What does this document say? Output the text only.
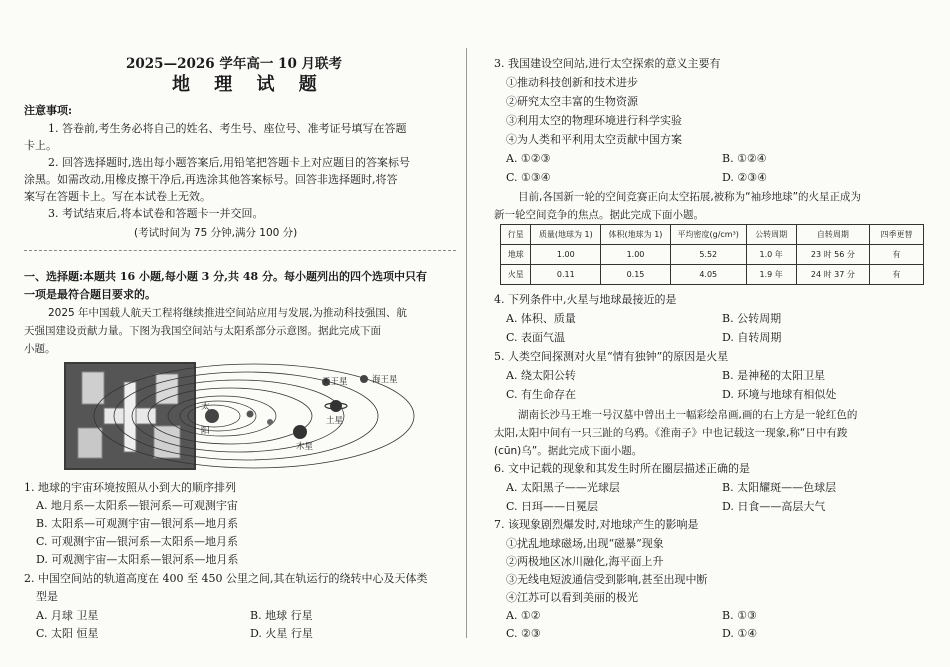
2025—2026 学年高一 10 月联考
地 理 试 题
注意事项:
1. 答卷前,考生务必将自己的姓名、考生号、座位号、准考证号填写在答题
卡上。
2. 回答选择题时,选出每小题答案后,用铅笔把答题卡上对应题目的答案标号
涂黑。如需改动,用橡皮擦干净后,再选涂其他答案标号。回答非选择题时,将答
案写在答题卡上。写在本试卷上无效。
3. 考试结束后,将本试卷和答题卡一并交回。
(考试时间为 75 分钟,满分 100 分)
一、选择题:本题共 16 小题,每小题 3 分,共 48 分。每小题列出的四个选项中只有
一项是最符合题目要求的。
2025 年中国载人航天工程将继续推进空间站应用与发展,为推动科技强国、航
天强国建设贡献力量。下图为我国空间站与太阳系部分示意图。据此完成下面
小题。
天王星	海王星
土星
木星
太
阳
1. 地球的宇宙环境按照从小到大的顺序排列
A. 地月系—太阳系—银河系—可观测宇宙
B. 太阳系—可观测宇宙—银河系—地月系
C. 可观测宇宙—银河系—太阳系—地月系
D. 可观测宇宙—太阳系—银河系—地月系
2. 中国空间站的轨道高度在 400 至 450 公里之间,其在轨运行的绕转中心及天体类
型是
A. 月球 卫星	B. 地球 行星
C. 太阳 恒星	D. 火星 行星
3. 我国建设空间站,进行太空探索的意义主要有
①推动科技创新和技术进步
②研究太空丰富的生物资源
③利用太空的物理环境进行科学实验
④为人类和平利用太空贡献中国方案
A. ①②③	B. ①②④
C. ①③④	D. ②③④
目前,各国新一轮的空间竞赛正向太空拓展,被称为“袖珍地球”的火星正成为
新一轮空间竞争的焦点。据此完成下面小题。
行星	质量(地球为 1)	体积(地球为 1)	平均密度(g/cm³)	公转周期	自转周期	四季更替
地球	1.00	1.00	5.52	1.0 年	23 时 56 分	有
火星	0.11	0.15	4.05	1.9 年	24 时 37 分	有
4. 下列条件中,火星与地球最接近的是
A. 体积、质量	B. 公转周期
C. 表面气温	D. 自转周期
5. 人类空间探测对火星“情有独钟”的原因是火星
A. 绕太阳公转	B. 是神秘的太阳卫星
C. 有生命存在	D. 环境与地球有相似处
湖南长沙马王堆一号汉墓中曾出土一幅彩绘帛画,画的右上方是一轮红色的
太阳,太阳中间有一只三趾的乌鸦。《淮南子》中也记载这一现象,称“日中有踆
(cūn)乌”。据此完成下面小题。
6. 文中记载的现象和其发生时所在圈层描述正确的是
A. 太阳黑子——光球层	B. 太阳耀斑——色球层
C. 日珥——日冕层	D. 日食——高层大气
7. 该现象剧烈爆发时,对地球产生的影响是
①扰乱地球磁场,出现“磁暴”现象
②两极地区冰川融化,海平面上升
③无线电短波通信受到影响,甚至出现中断
④江苏可以看到美丽的极光
A. ①②	B. ①③
C. ②③	D. ①④
